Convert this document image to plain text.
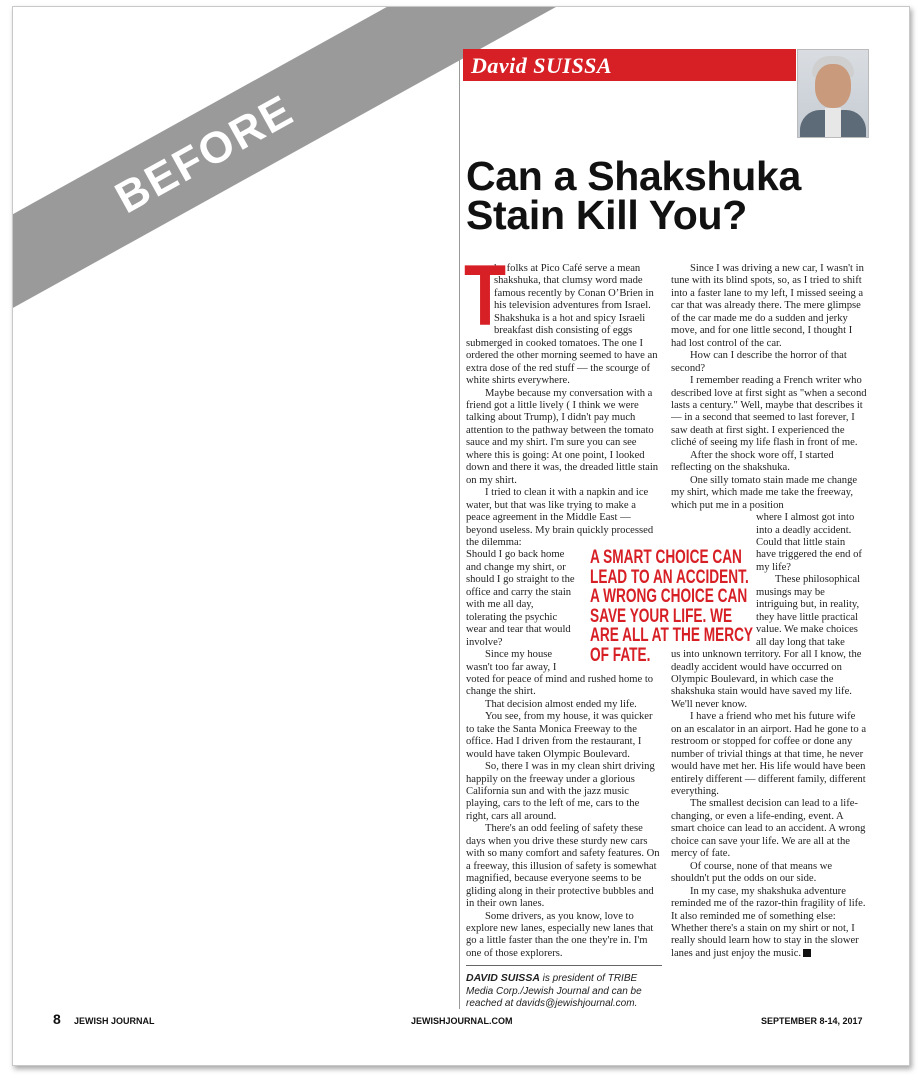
BEFORE
David SUISSA
Can a Shakshuka
Stain Kill You?
T

he folks at Pico Café serve a mean shakshuka, that clumsy word made famous recently by Conan O’Brien in his television adventures from Israel. Shakshuka is a hot and spicy Israeli breakfast dish consisting of eggs submerged in cooked tomatoes. The one I ordered the other morning seemed to have an extra dose of the red stuff — the scourge of white shirts everywhere.

Maybe because my conversation with a friend got a little lively ( I think we were talking about Trump), I didn't pay much attention to the pathway between the tomato sauce and my shirt. I'm sure you can see where this is going: At one point, I looked down and there it was, the dreaded little stain on my shirt.

I tried to clean it with a napkin and ice water, but that was like trying to make a peace agreement in the Middle East — beyond useless. My brain quickly processed the dilemma:

Should I go back home and change my shirt, or should I go straight to the office and carry the stain with me all day, tolerating the psychic wear and tear that would involve?

Since my house wasn't too far away, I

voted for peace of mind and rushed home to change the shirt.

That decision almost ended my life.

You see, from my house, it was quicker to take the Santa Monica Freeway to the office. Had I driven from the restaurant, I would have taken Olympic Boulevard.

So, there I was in my clean shirt driving happily on the freeway under a glorious California sun and with the jazz music playing, cars to the left of me, cars to the right, cars all around.

There's an odd feeling of safety these days when you drive these sturdy new cars with so many comfort and safety features. On a freeway, this illusion of safety is somewhat magnified, because everyone seems to be gliding along in their protective bubbles and in their own lanes.

Some drivers, as you know, love to explore new lanes, especially new lanes that go a little faster than the one they're in. I'm one of those explorers.

Since I was driving a new car, I wasn't in tune with its blind spots, so, as I tried to shift into a faster lane to my left, I missed seeing a car that was already there. The mere glimpse of the car made me do a sudden and jerky move, and for one little second, I thought I had lost control of the car.

How can I describe the horror of that second?

I remember reading a French writer who described love at first sight as "when a second lasts a century." Well, maybe that describes it — in a second that seemed to last forever, I saw death at first sight. I experienced the cliché of seeing my life flash in front of me.

After the shock wore off, I started reflecting on the shakshuka.

One silly tomato stain made me change my shirt, which made me take the freeway, which put me in a position

where I almost got into into a deadly accident. Could that little stain have triggered the end of my life?

These philosophical musings may be intriguing but, in reality, they have little practical value. We make choices all day long that take

us into unknown territory. For all I know, the deadly accident would have occurred on Olympic Boulevard, in which case the shakshuka stain would have saved my life. We'll never know.

I have a friend who met his future wife on an escalator in an airport. Had he gone to a restroom or stopped for coffee or done any number of trivial things at that time, he never would have met her. His life would have been entirely different — different family, different everything.

The smallest decision can lead to a life-changing, or even a life-ending, event. A smart choice can lead to an accident. A wrong choice can save your life. We are all at the mercy of fate.

Of course, none of that means we shouldn't put the odds on our side.

In my case, my shakshuka adventure reminded me of the razor-thin fragility of life. It also reminded me of something else: Whether there's a stain on my shirt or not, I really should learn how to stay in the slower lanes and just enjoy the music.

A SMART CHOICE CAN
LEAD TO AN ACCIDENT.
A WRONG CHOICE CAN
SAVE YOUR LIFE. WE
ARE ALL AT THE MERCY
OF FATE.
DAVID SUISSA is president of TRIBE Media Corp./Jewish Journal and can be reached at davids@jewishjournal.com.
8 JEWISH JOURNAL	JEWISHJOURNAL.COM	SEPTEMBER 8-14, 2017
